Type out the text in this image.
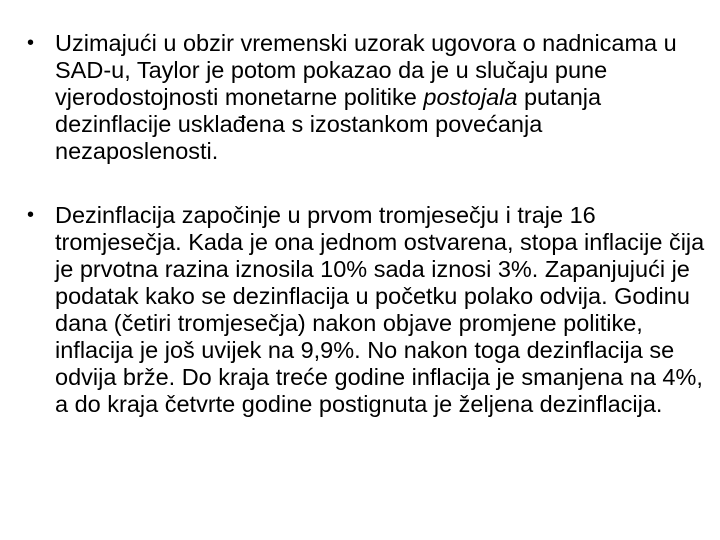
• Uzimajući u obzir vremenski uzorak ugovora o nadnicama u SAD-u, Taylor je potom pokazao da je u slučaju pune vjerodostojnosti monetarne politike postojala putanja dezinflacije usklađena s izostankom povećanja nezaposlenosti.
• Dezinflacija započinje u prvom tromjesečju i traje 16 tromjesečja. Kada je ona jednom ostvarena, stopa inflacije čija je prvotna razina iznosila 10% sada iznosi 3%. Zapanjujući je podatak kako se dezinflacija u početku polako odvija. Godinu dana (četiri tromjesečja) nakon objave promjene politike, inflacija je još uvijek na 9,9%. No nakon toga dezinflacija se odvija brže. Do kraja treće godine inflacija je smanjena na 4%, a do kraja četvrte godine postignuta je željena dezinflacija.
